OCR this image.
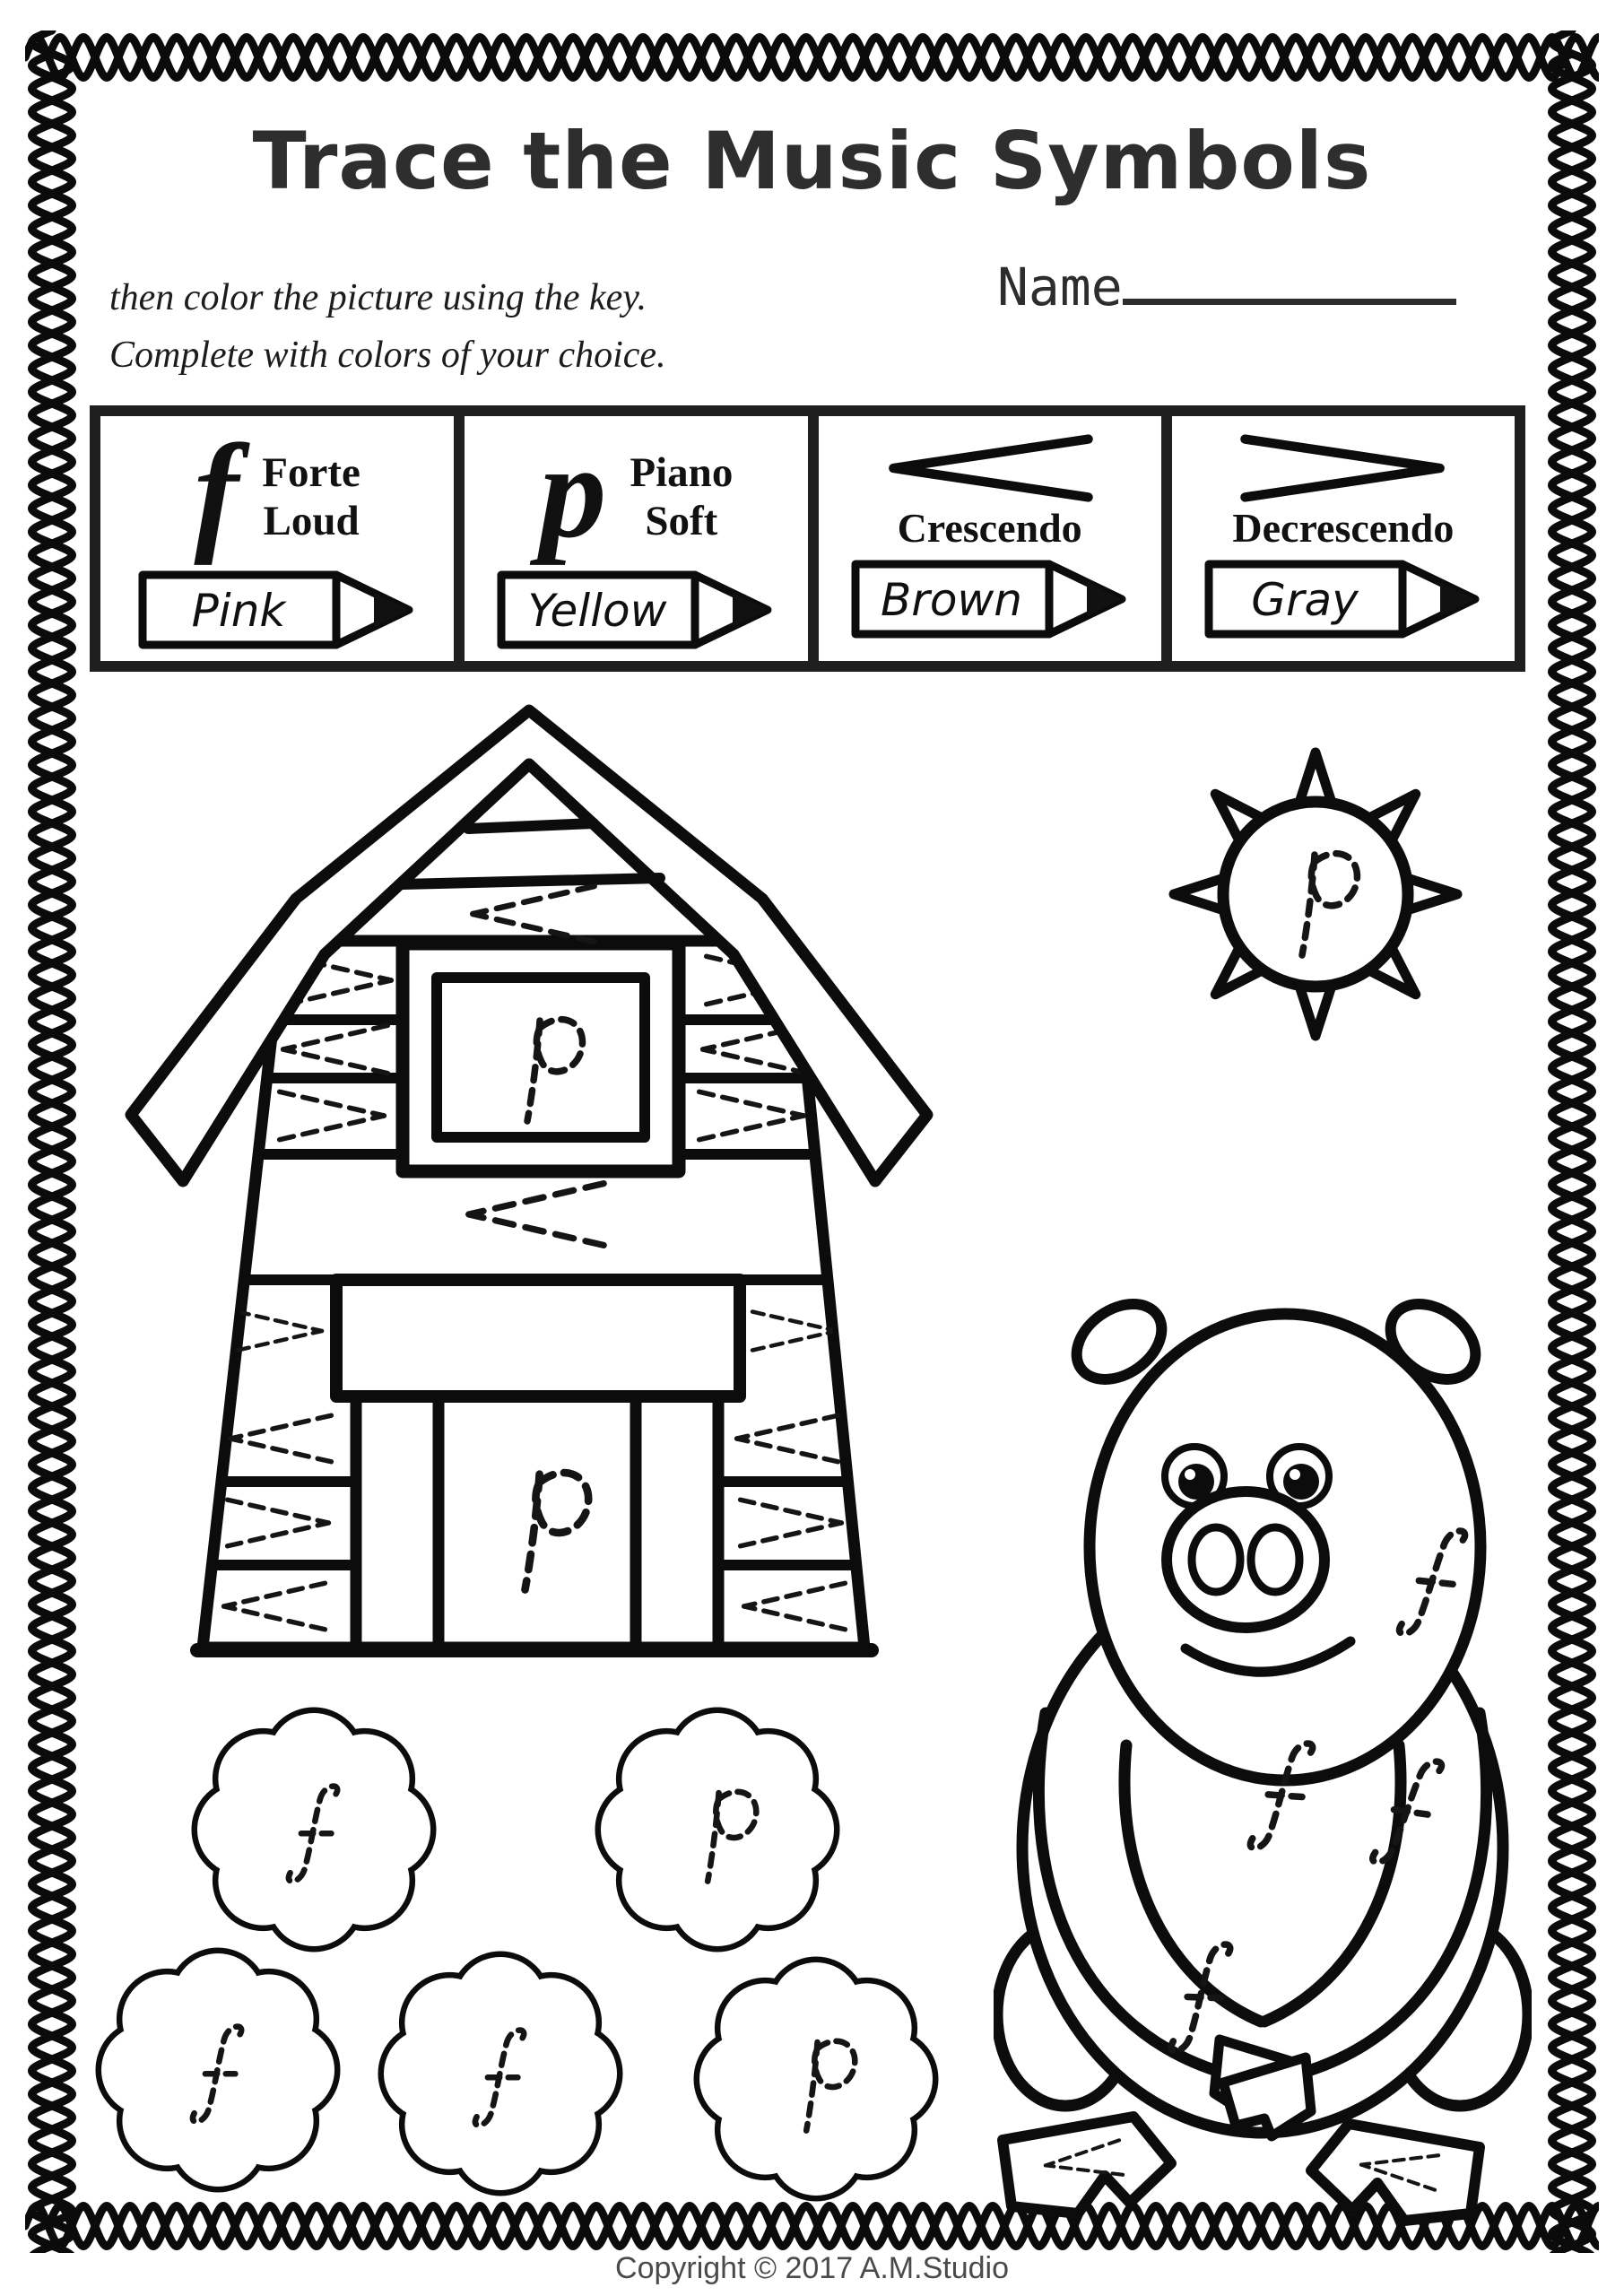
Trace the Music Symbols
Name
then color the picture using the key.
Complete with colors of your choice.
f Forte
Loud
Pink
p Piano
Soft
Yellow
Crescendo
Brown
Decrescendo
Gray
Copyright © 2017 A.M.Studio
